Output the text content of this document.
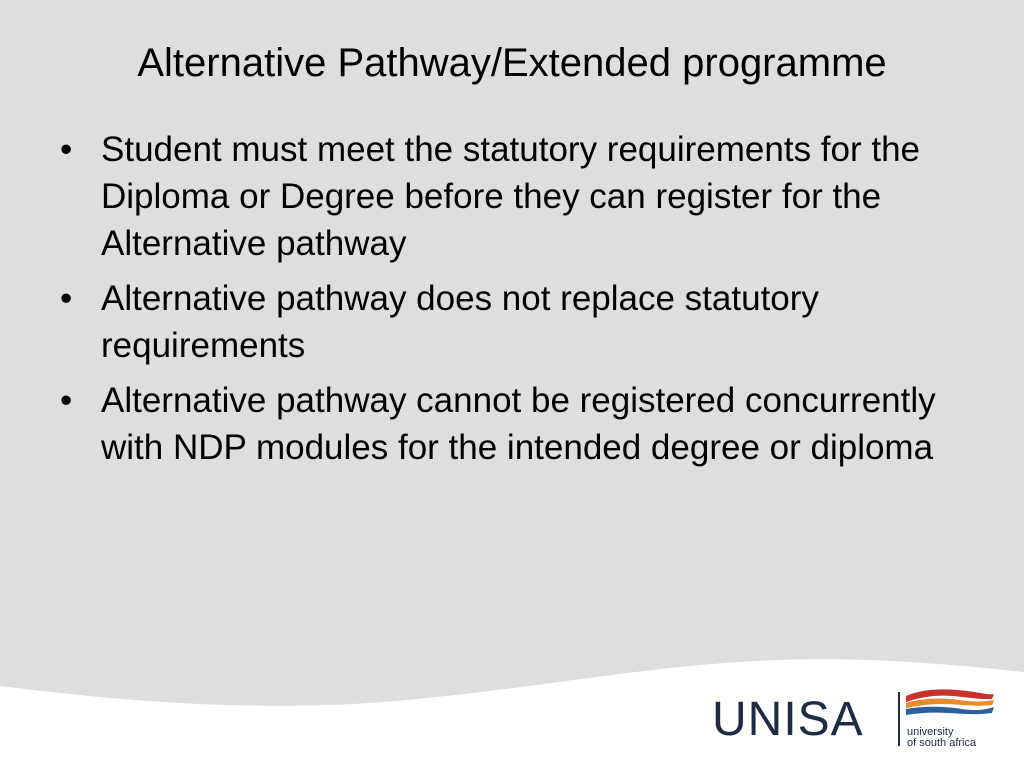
Alternative Pathway/Extended programme
• Student must meet the statutory requirements for the Diploma or Degree before they can register for the Alternative pathway
• Alternative pathway does not replace statutory requirements
• Alternative pathway cannot be registered concurrently with NDP modules for the intended degree or diploma
UNISA	university
of south africa
